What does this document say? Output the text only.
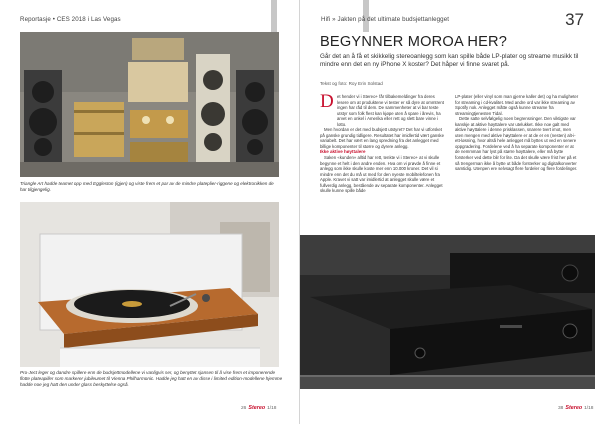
Reportasje • CES 2018 i Las Vegas
Triangle Art hadde teamet opp med Eggleston (igjen) og viste frem et par av de mindre plateplier-riggene og elektronikken de har tilgjengelig.
Pro-Ject leger og dandre spillere enn de budsjettmodellene vi vanligvis ser, og benyttet sjansen til å vise frem et imponerende flotte plateapiller som markerer jubileumet til Vienna Philharmonic. Hadde jeg hatt en av disse i limited edition-modellene hjemme hadde noe jeg hatt den under glass beskyttelse også.
26 Stereo 1/18
Hifi » Jakten på det ultimate budsjettanlegget	37
BEGYNNER MOROA HER?

Går det an å få et skikkelig stereoanlegg som kan spille både LP-plater og streame musikk til mindre enn det en ny iPhone X koster? Det håper vi finne svaret på.

Tekst og foto: Roy Erin Solstad
D et hender vi i Stereo+ får tilbakemeldinger fra deres lesere om at produktene vi tester er så dyre at ommtrent ingen har råd til dem. De sammenheter at vi bar teste utstyr som folk flest kan kjøpe uten å spare i årevis, ha arvet en onkel i Amerika eller rett og slett bare vinne i lotto.

Men hvordan er det med budsjett utstyret? Det har vi utforsket på ganske grundig tidligere. Resultatet har imidlertid vært ganske variabelt. Det har vært en lang spredning fra det anlegget med billige komponenter til større og dyrere anlegg.

Ikke aktive høyttalere

Saken «kunden» alltid har rett, tenkte vi i Stereo+ at vi skulle begynne et helt i den andre enden. Hva om vi prøvde å finne et anlegg som ikke skulle koste mer enn 10.000 kroner. Det vil si mindre enn det du må ut med for den nyeste mobiltelefonen fra Apple. Kravet vi satt var imidlertid at anlegget skulle være et fullverdig anlegg, bestående av separate komponenter. Anlegget skulle kunne spille både

LP-plater (eller vinyl som man gjerne kaller det) og ha muligheter for streaming i cd-kvalitet. Med andre ord var ikke streaming av Spotify nok. Anlegget måtte også kunne streame fra streamingtjenesten Tidal.

Dette satte selvfølgelig noen begrensninger. Den viktigste var kanskje at aktive høyttalere var utelukket. Ikke noe galt med aktive høyttalere i denne prisklassen, snarere tvert imot, men uten mengen med aktive høyttalere er at de er en (nesten) alt-i-ett-løsning, hvor altså hele anlegget må byttes ut ved en senere oppgradering. Fordelene ved å ha separate komponenter er at de nemmman har lyst på større høyttalere, eller må bytte forsterker ved dette blir for lite. Da det skulle være frist her på et så trengerman ikke å bytte ut både forsterker og digitalkonverter samtidig. Utenpen ere selvsagt flere fordeler og flere fordelinger.

38 Stereo 1/18
